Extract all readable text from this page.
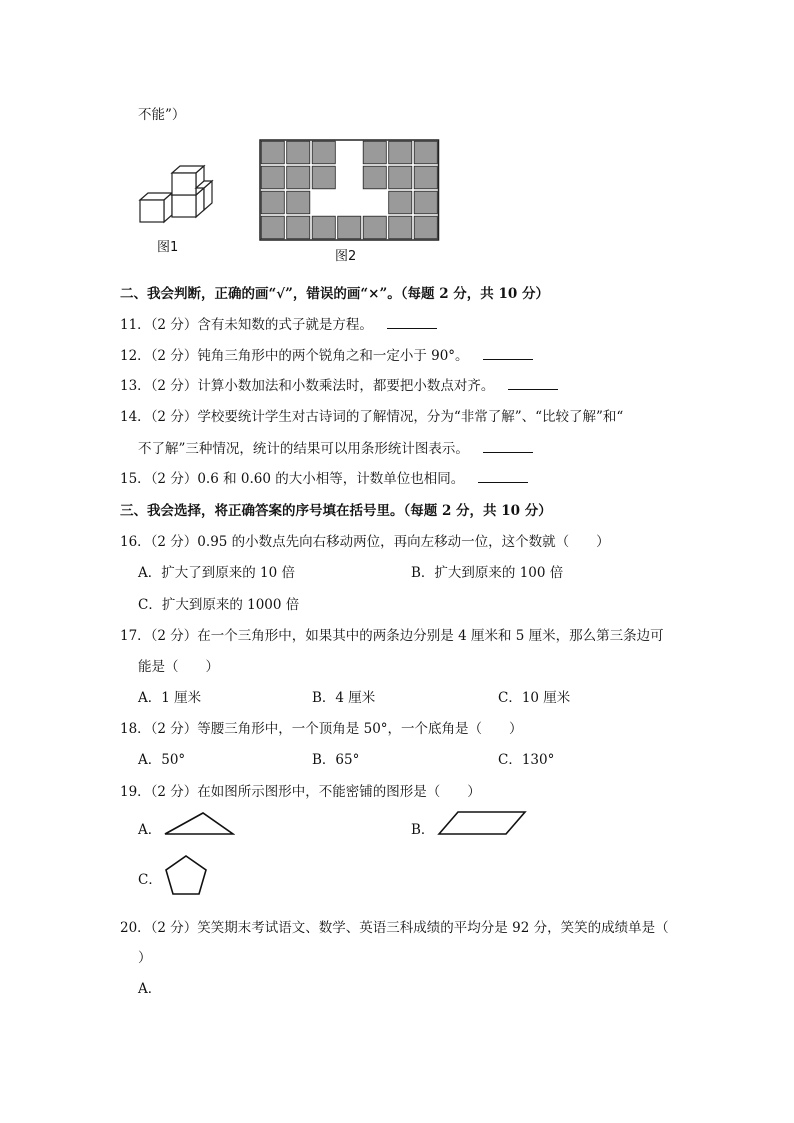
不能”）
图1
图2
二、我会判断，正确的画“√”，错误的画“×”。（每题 2 分，共 10 分）
11．（2 分）含有未知数的式子就是方程。
12．（2 分）钝角三角形中的两个锐角之和一定小于 90°。
13．（2 分）计算小数加法和小数乘法时，都要把小数点对齐。
14．（2 分）学校要统计学生对古诗词的了解情况，分为“非常了解”、“比较了解”和“
不了解”三种情况，统计的结果可以用条形统计图表示。
15．（2 分）0.6 和 0.60 的大小相等，计数单位也相同。
三、我会选择，将正确答案的序号填在括号里。（每题 2 分，共 10 分）
16．（2 分）0.95 的小数点先向右移动两位，再向左移动一位，这个数就（　　）
A．扩大了到原来的 10 倍	B．扩大到原来的 100 倍
C．扩大到原来的 1000 倍
17．（2 分）在一个三角形中，如果其中的两条边分别是 4 厘米和 5 厘米，那么第三条边可
能是（　　）
A．1 厘米	B．4 厘米	C．10 厘米
18．（2 分）等腰三角形中，一个顶角是 50°，一个底角是（　　）
A．50°	B．65°	C．130°
19．（2 分）在如图所示图形中，不能密铺的图形是（　　）
A．	B．
C．
20．（2 分）笑笑期末考试语文、数学、英语三科成绩的平均分是 92 分，笑笑的成绩单是（
）
A．
